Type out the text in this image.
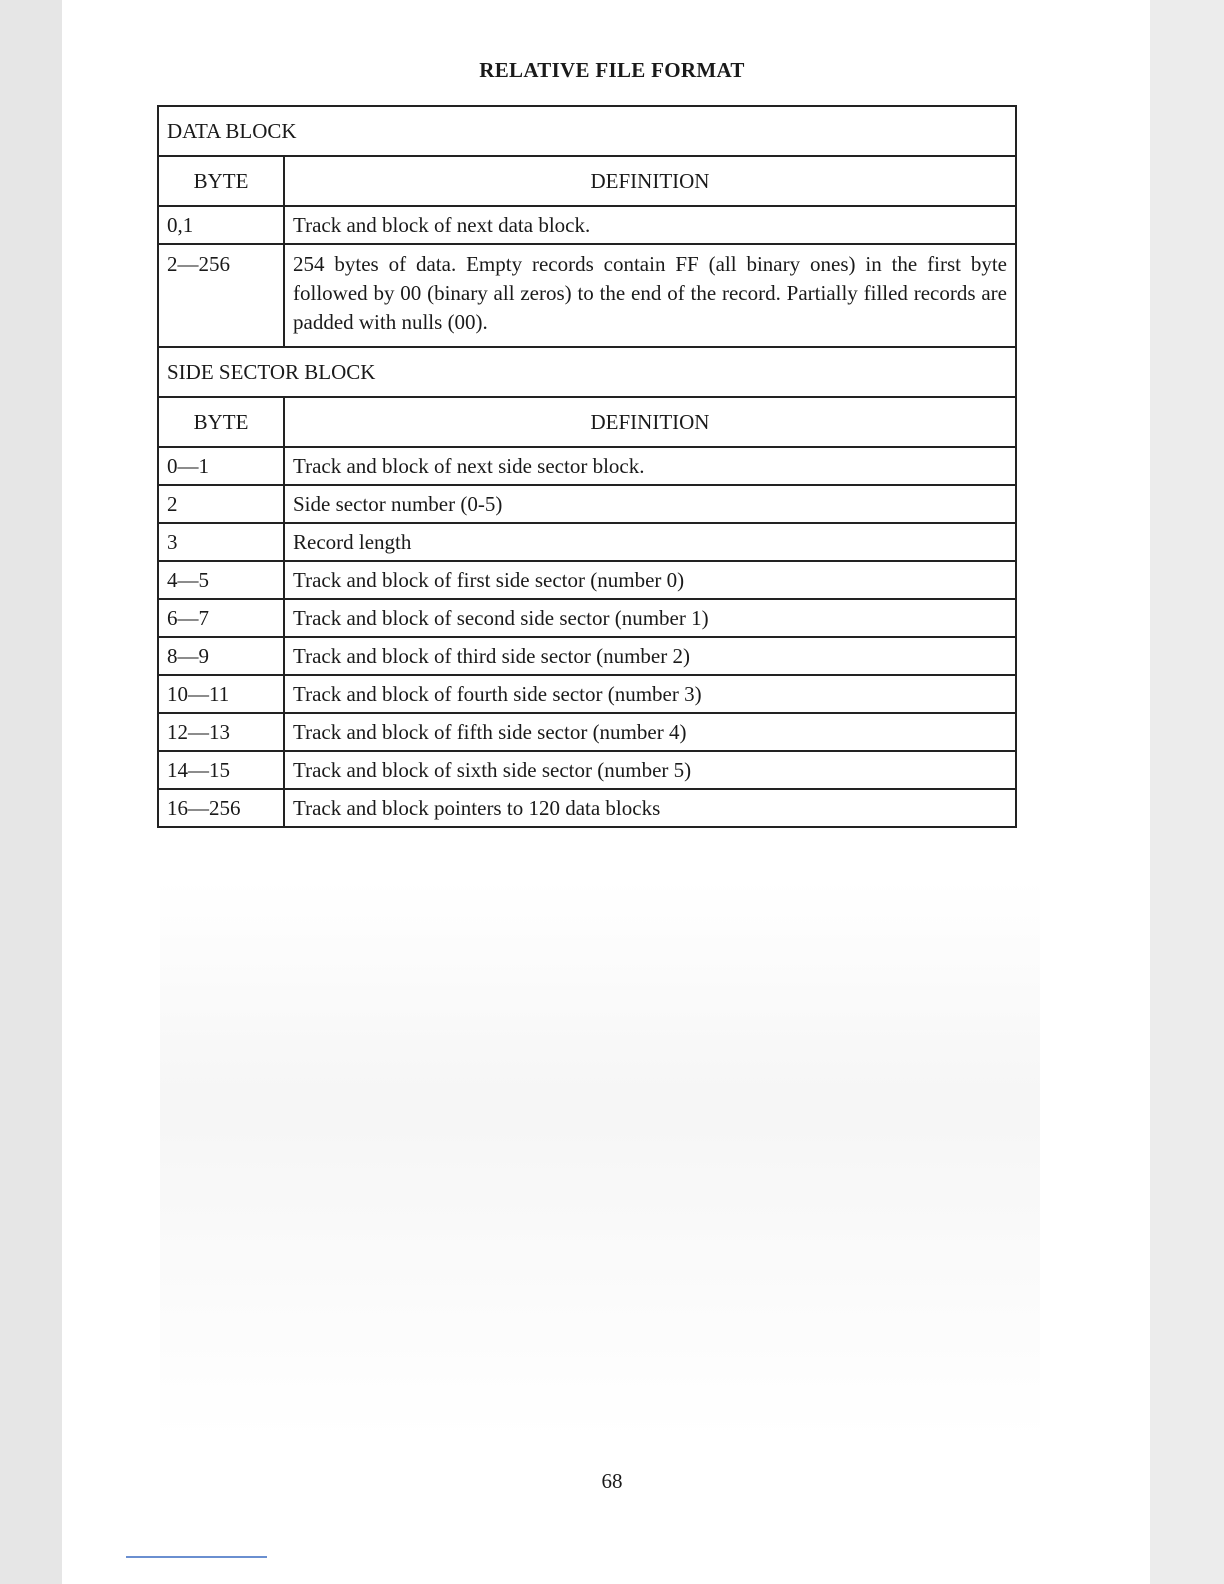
RELATIVE FILE FORMAT
DATA BLOCK	
BYTE	DEFINITION
0,1	Track and block of next data block.
2—256	254 bytes of data. Empty records contain FF (all binary ones) in the first byte followed by 00 (binary all zeros) to the end of the record. Partially filled records are padded with nulls (00).
SIDE SECTOR BLOCK	
BYTE	DEFINITION
0—1	Track and block of next side sector block.
2	Side sector number (0-5)
3	Record length
4—5	Track and block of first side sector (number 0)
6—7	Track and block of second side sector (number 1)
8—9	Track and block of third side sector (number 2)
10—11	Track and block of fourth side sector (number 3)
12—13	Track and block of fifth side sector (number 4)
14—15	Track and block of sixth side sector (number 5)
16—256	Track and block pointers to 120 data blocks
68
